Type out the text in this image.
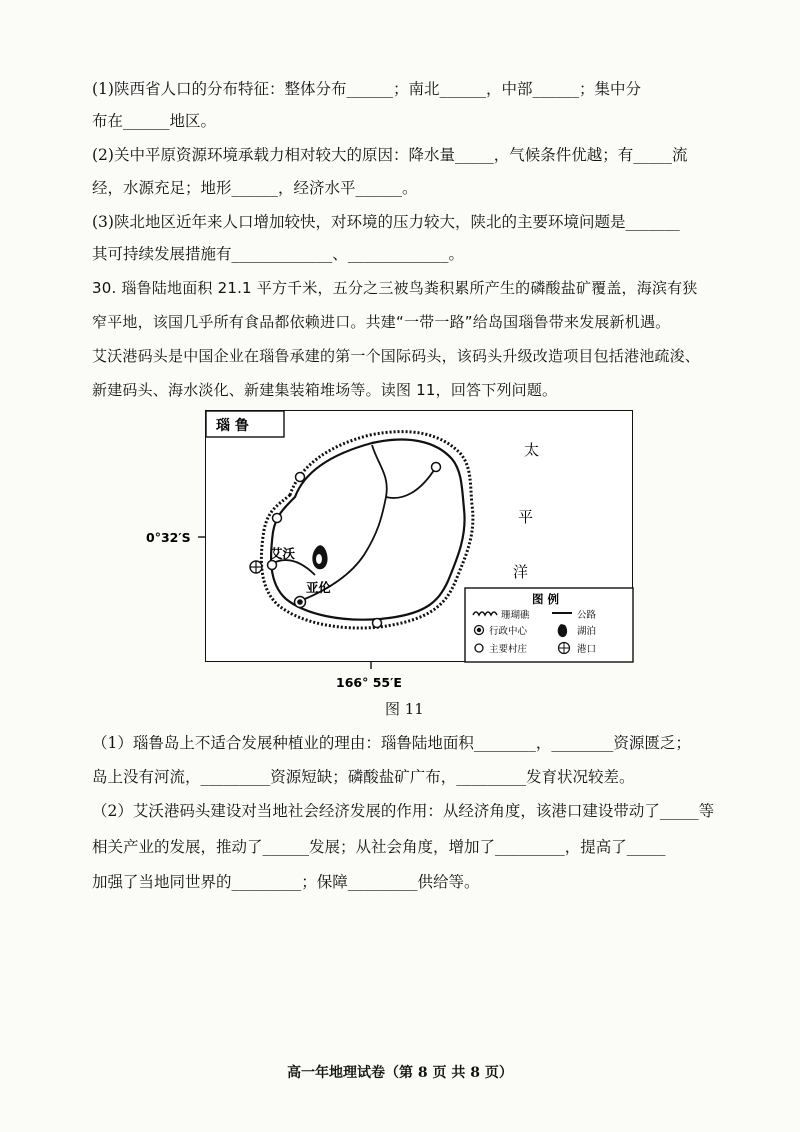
(1)陕西省人口的分布特征：整体分布______；南北______，中部______；集中分
布在______地区。
(2)关中平原资源环境承载力相对较大的原因：降水量_____，气候条件优越；有_____流
经，水源充足；地形______，经济水平______。
(3)陕北地区近年来人口增加较快，对环境的压力较大，陕北的主要环境问题是_______
其可持续发展措施有_____________、_____________。
30. 瑙鲁陆地面积 21.1 平方千米，五分之三被鸟粪积累所产生的磷酸盐矿覆盖，海滨有狭
窄平地，该国几乎所有食品都依赖进口。共建“一带一路”给岛国瑙鲁带来发展新机遇。
艾沃港码头是中国企业在瑙鲁承建的第一个国际码头，该码头升级改造项目包括港池疏浚、
新建码头、海水淡化、新建集装箱堆场等。读图 11，回答下列问题。
瑙 鲁
艾沃
亚伦
太
平
洋
0°32′S
166° 55′E
图 例
珊瑚礁	公路
行政中心	湖泊
主要村庄	港口
图 11
（1）瑙鲁岛上不适合发展种植业的理由：瑙鲁陆地面积________，________资源匮乏；
岛上没有河流，_________资源短缺；磷酸盐矿广布，_________发育状况较差。
（2）艾沃港码头建设对当地社会经济发展的作用：从经济角度，该港口建设带动了_____等
相关产业的发展，推动了______发展；从社会角度，增加了_________，提高了_____
加强了当地同世界的_________；保障_________供给等。
高一年地理试卷（第 8 页 共 8 页）
